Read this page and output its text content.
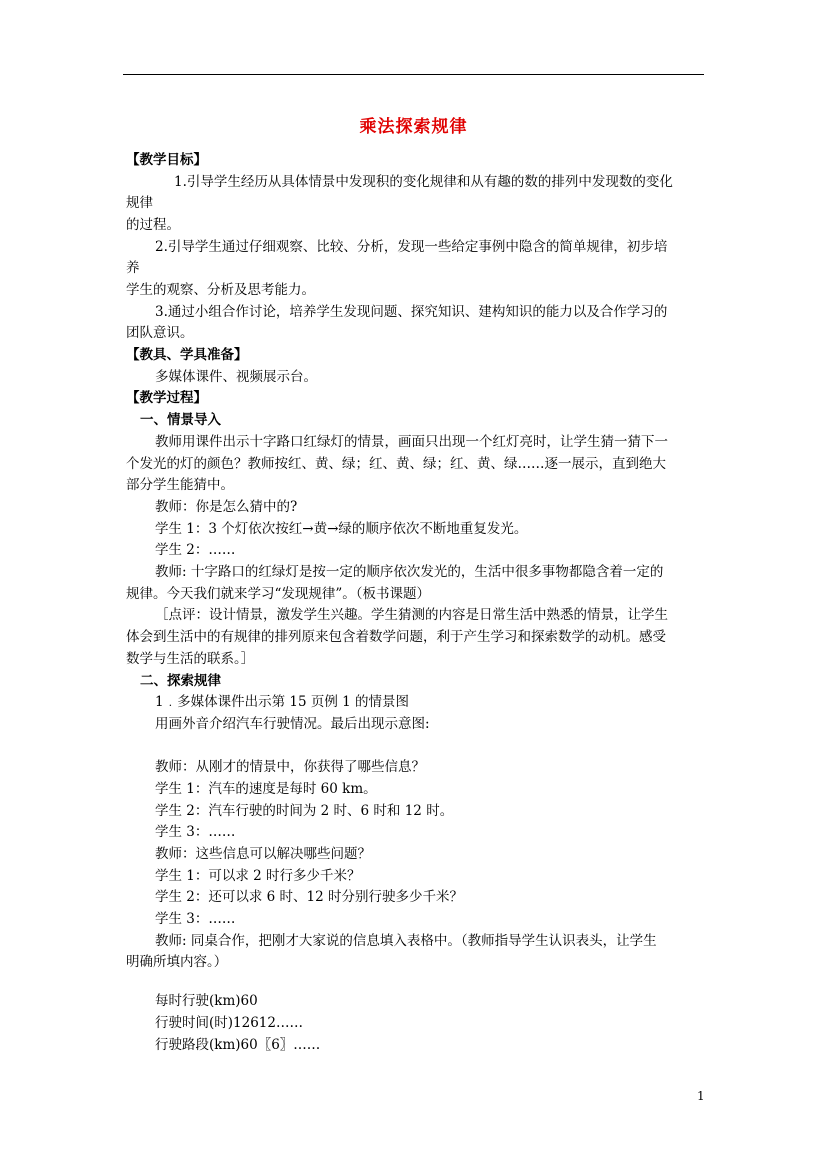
乘法探索规律
【教学目标】
1.引导学生经历从具体情景中发现积的变化规律和从有趣的数的排列中发现数的变化
规律
的过程。
2.引导学生通过仔细观察、比较、分析，发现一些给定事例中隐含的简单规律，初步培
养
学生的观察、分析及思考能力。
3.通过小组合作讨论，培养学生发现问题、探究知识、建构知识的能力以及合作学习的
团队意识。
【教具、学具准备】
多媒体课件、视频展示台。
【教学过程】
一、情景导入
教师用课件出示十字路口红绿灯的情景，画面只出现一个红灯亮时，让学生猜一猜下一
个发光的灯的颜色？教师按红、黄、绿；红、黄、绿；红、黄、绿……逐一展示，直到绝大
部分学生能猜中。
教师：你是怎么猜中的?
学生 1：3 个灯依次按红→黄→绿的顺序依次不断地重复发光。
学生 2：……
教师: 十字路口的红绿灯是按一定的顺序依次发光的，生活中很多事物都隐含着一定的
规律。今天我们就来学习“发现规律”。（板书课题）
［点评：设计情景，激发学生兴趣。学生猜测的内容是日常生活中熟悉的情景，让学生
体会到生活中的有规律的排列原来包含着数学问题，利于产生学习和探索数学的动机。感受
数学与生活的联系。］
二、探索规律
1﹒多媒体课件出示第 15 页例 1 的情景图
用画外音介绍汽车行驶情况。最后出现示意图:
教师：从刚才的情景中，你获得了哪些信息？
学生 1：汽车的速度是每时 60 km。
学生 2：汽车行驶的时间为 2 时、6 时和 12 时。
学生 3：……
教师：这些信息可以解决哪些问题？
学生 1：可以求 2 时行多少千米？
学生 2：还可以求 6 时、12 时分别行驶多少千米？
学生 3：……
教师: 同桌合作，把刚才大家说的信息填入表格中。（教师指导学生认识表头，让学生
明确所填内容。）
每时行驶(km)60
行驶时间(时)12612……
行驶路段(km)60〖6〗……
1
